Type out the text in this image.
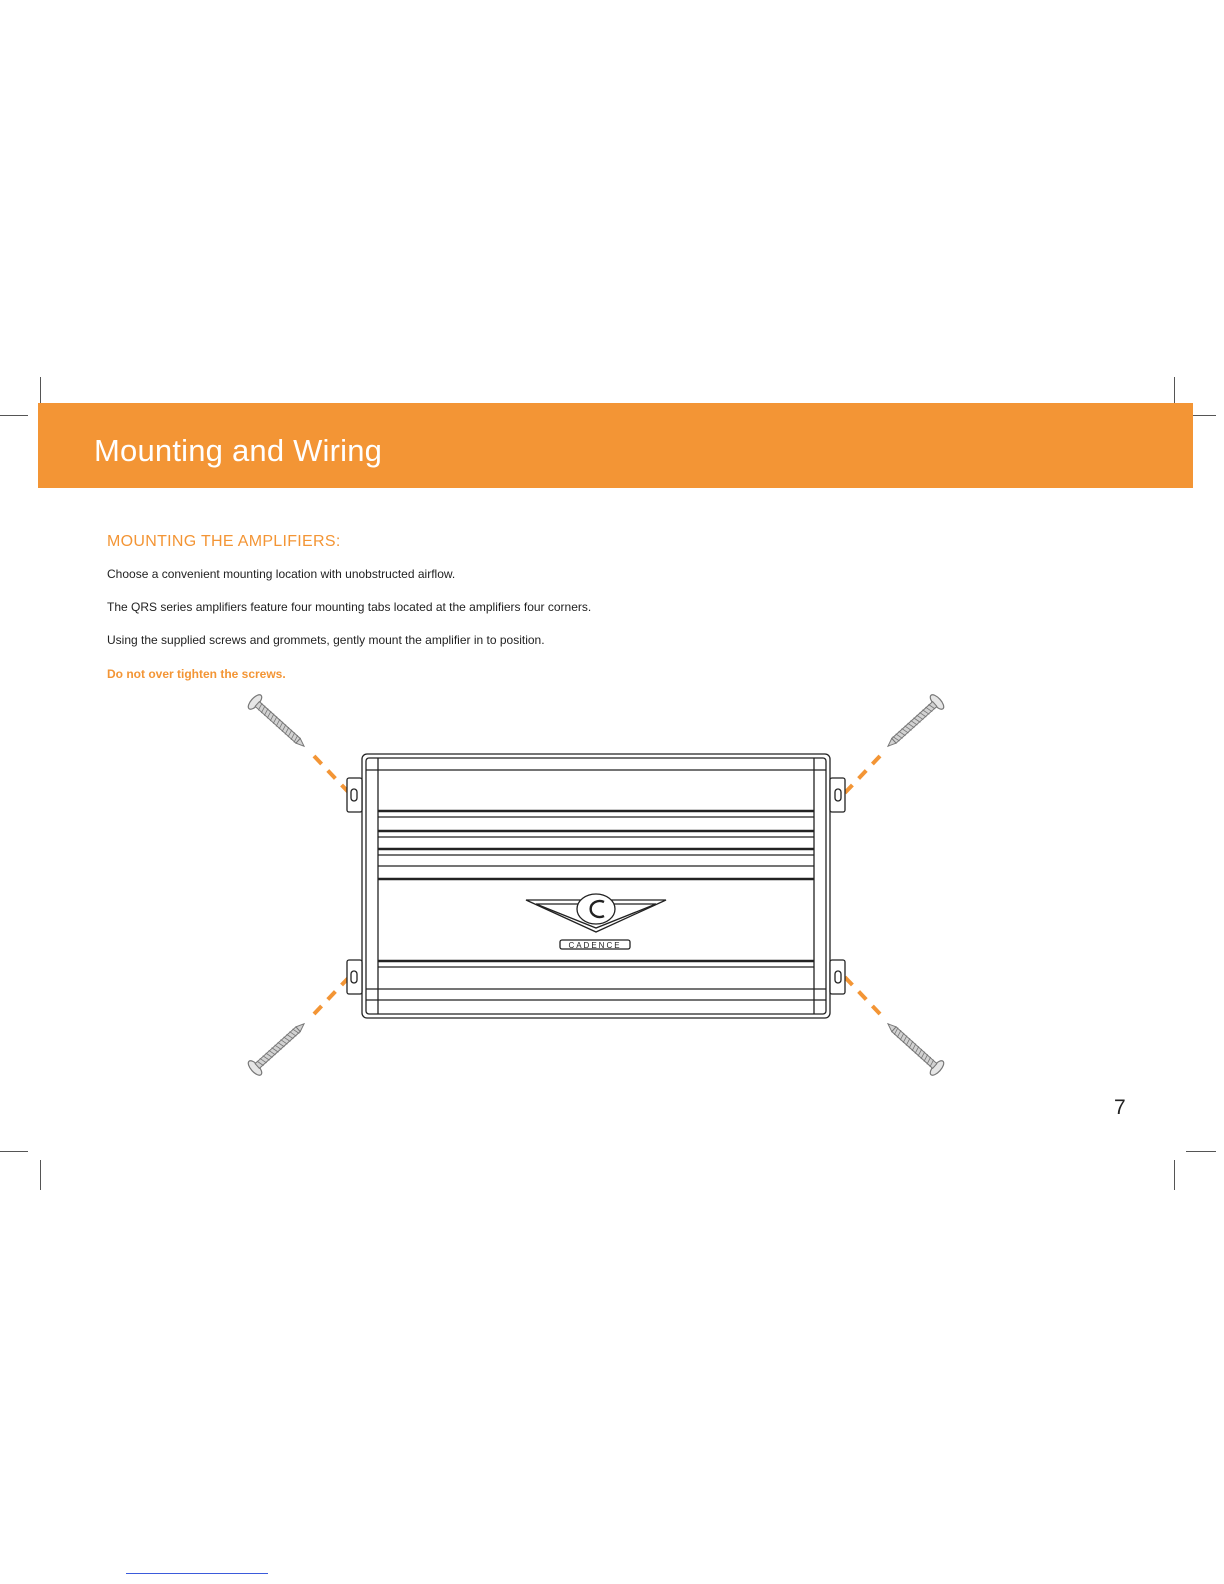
Mounting and Wiring
MOUNTING THE AMPLIFIERS:

Choose a convenient mounting location with unobstructed airflow.

The QRS series amplifiers feature four mounting tabs located at the amplifiers four corners.

Using the supplied screws and grommets, gently mount the amplifier in to position.

Do not over tighten the screws.

CADENCE
7
